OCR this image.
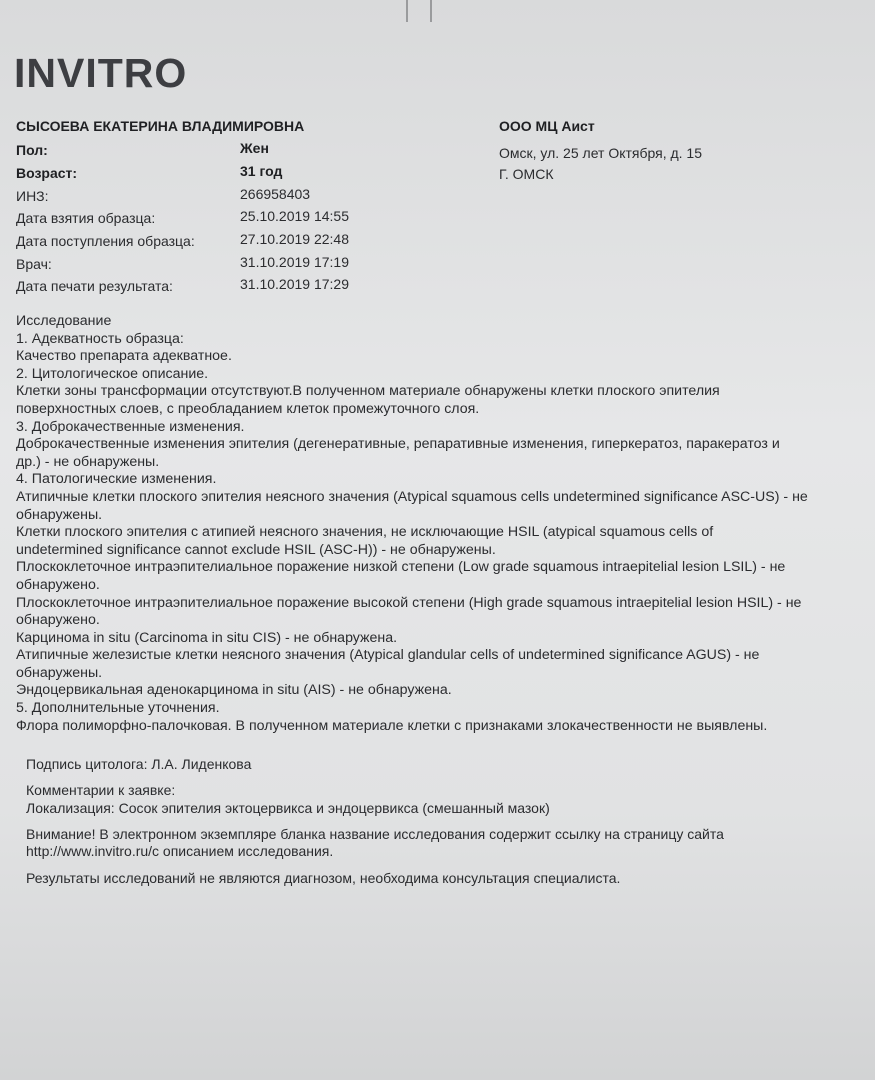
INVITRO
СЫСОЕВА ЕКАТЕРИНА ВЛАДИМИРОВНА
Пол:	Жен
Возраст:	31 год
ИНЗ:	266958403
Дата взятия образца:	25.10.2019 14:55
Дата поступления образца:	27.10.2019 22:48
Врач:	31.10.2019 17:19
Дата печати результата:	31.10.2019 17:29
ООО МЦ Аист
Омск, ул. 25 лет Октября, д. 15
Г. ОМСК
Исследование
1. Адекватность образца:
Качество препарата адекватное.
2. Цитологическое описание.
Клетки зоны трансформации отсутствуют.В полученном материале обнаружены клетки плоского эпителия
поверхностных слоев, с преобладанием клеток промежуточного слоя.
3. Доброкачественные изменения.
Доброкачественные изменения эпителия (дегенеративные, репаративные изменения, гиперкератоз, паракератоз и
др.) - не обнаружены.
4. Патологические изменения.
Атипичные клетки плоского эпителия неясного значения (Atypical squamous cells undetermined significance ASC-US) - не
обнаружены.
Клетки плоского эпителия с атипией неясного значения, не исключающие HSIL (atypical squamous cells of
undetermined significance cannot exclude HSIL (ASC-H)) - не обнаружены.
Плоскоклеточное интраэпителиальное поражение низкой степени (Low grade squamous intraepitelial lesion LSIL) - не
обнаружено.
Плоскоклеточное интраэпителиальное поражение высокой степени (High grade squamous intraepitelial lesion HSIL) - не
обнаружено.
Карцинома in situ (Carcinoma in situ CIS) - не обнаружена.
Атипичные железистые клетки неясного значения (Atypical glandular cells of undetermined significance AGUS) - не
обнаружены.
Эндоцервикальная аденокарцинома in situ (AIS) - не обнаружена.
5. Дополнительные уточнения.
Флора полиморфно-палочковая. В полученном материале клетки с признаками злокачественности не выявлены.
Подпись цитолога: Л.А. Лиденкова
Комментарии к заявке:
Локализация: Сосок эпителия эктоцервикса и эндоцервикса (смешанный мазок)
Внимание! В электронном экземпляре бланка название исследования содержит ссылку на страницу сайта
http://www.invitro.ru/с описанием исследования.
Результаты исследований не являются диагнозом, необходима консультация специалиста.
